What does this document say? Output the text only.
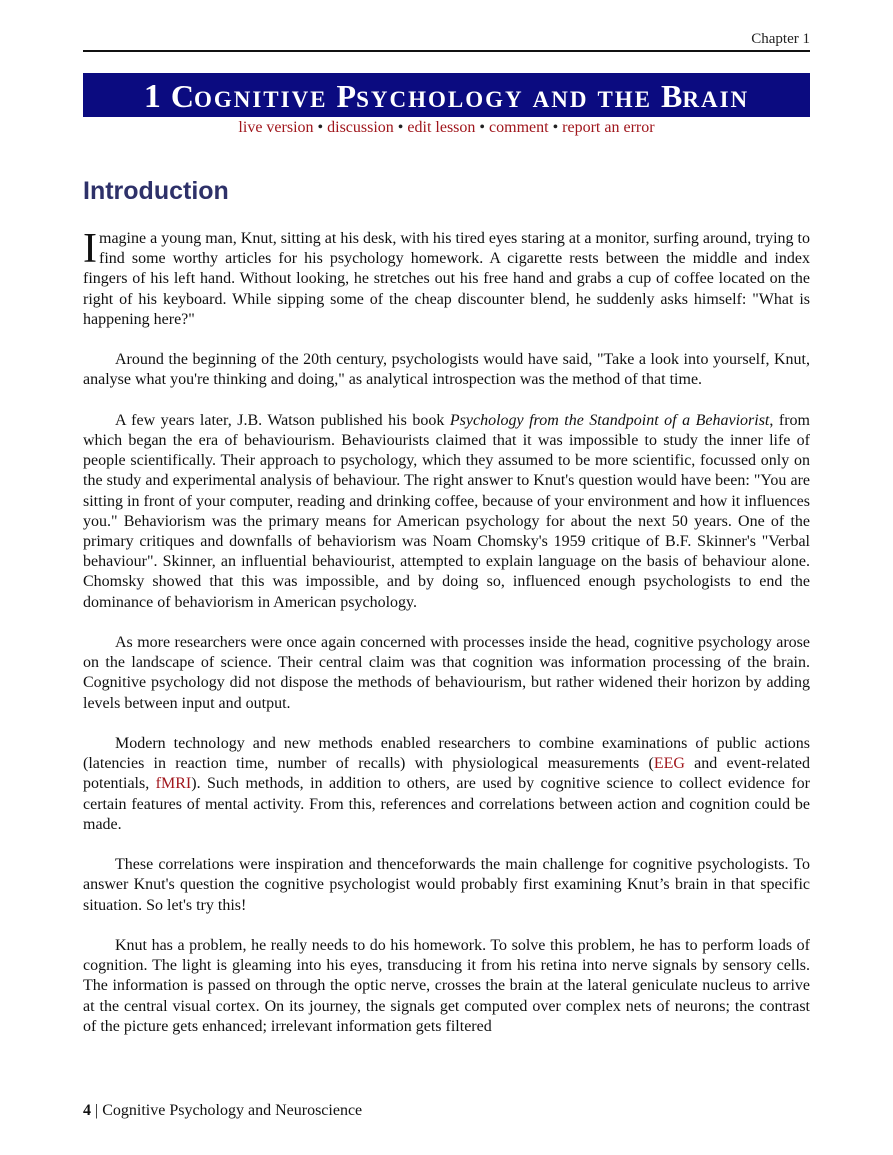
Chapter 1
1 COGNITIVE PSYCHOLOGY AND THE BRAIN
live version • discussion • edit lesson • comment • report an error
Introduction

Imagine a young man, Knut, sitting at his desk, with his tired eyes staring at a monitor, surfing around, trying to find some worthy articles for his psychology homework. A cigarette rests between the middle and index fingers of his left hand. Without looking, he stretches out his free hand and grabs a cup of coffee located on the right of his keyboard. While sipping some of the cheap discounter blend, he suddenly asks himself: "What is happening here?"

Around the beginning of the 20th century, psychologists would have said, "Take a look into yourself, Knut, analyse what you're thinking and doing," as analytical introspection was the method of that time.

A few years later, J.B. Watson published his book Psychology from the Standpoint of a Behaviorist, from which began the era of behaviourism. Behaviourists claimed that it was impossible to study the inner life of people scientifically. Their approach to psychology, which they assumed to be more scientific, focussed only on the study and experimental analysis of behaviour. The right answer to Knut's question would have been: "You are sitting in front of your computer, reading and drinking coffee, because of your environment and how it influences you." Behaviorism was the primary means for American psychology for about the next 50 years. One of the primary critiques and downfalls of behaviorism was Noam Chomsky's 1959 critique of B.F. Skinner's "Verbal behaviour". Skinner, an influential behaviourist, attempted to explain language on the basis of behaviour alone. Chomsky showed that this was impossible, and by doing so, influenced enough psychologists to end the dominance of behaviorism in American psychology.

As more researchers were once again concerned with processes inside the head, cognitive psychology arose on the landscape of science. Their central claim was that cognition was information processing of the brain. Cognitive psychology did not dispose the methods of behaviourism, but rather widened their horizon by adding levels between input and output.

Modern technology and new methods enabled researchers to combine examinations of public actions (latencies in reaction time, number of recalls) with physiological measurements (EEG and event-related potentials, fMRI). Such methods, in addition to others, are used by cognitive science to collect evidence for certain features of mental activity. From this, references and correlations between action and cognition could be made.

These correlations were inspiration and thenceforwards the main challenge for cognitive psychologists. To answer Knut's question the cognitive psychologist would probably first examining Knut’s brain in that specific situation. So let's try this!

Knut has a problem, he really needs to do his homework. To solve this problem, he has to perform loads of cognition. The light is gleaming into his eyes, transducing it from his retina into nerve signals by sensory cells. The information is passed on through the optic nerve, crosses the brain at the lateral geniculate nucleus to arrive at the central visual cortex. On its journey, the signals get computed over complex nets of neurons; the contrast of the picture gets enhanced; irrelevant information gets filtered

4 | Cognitive Psychology and Neuroscience
